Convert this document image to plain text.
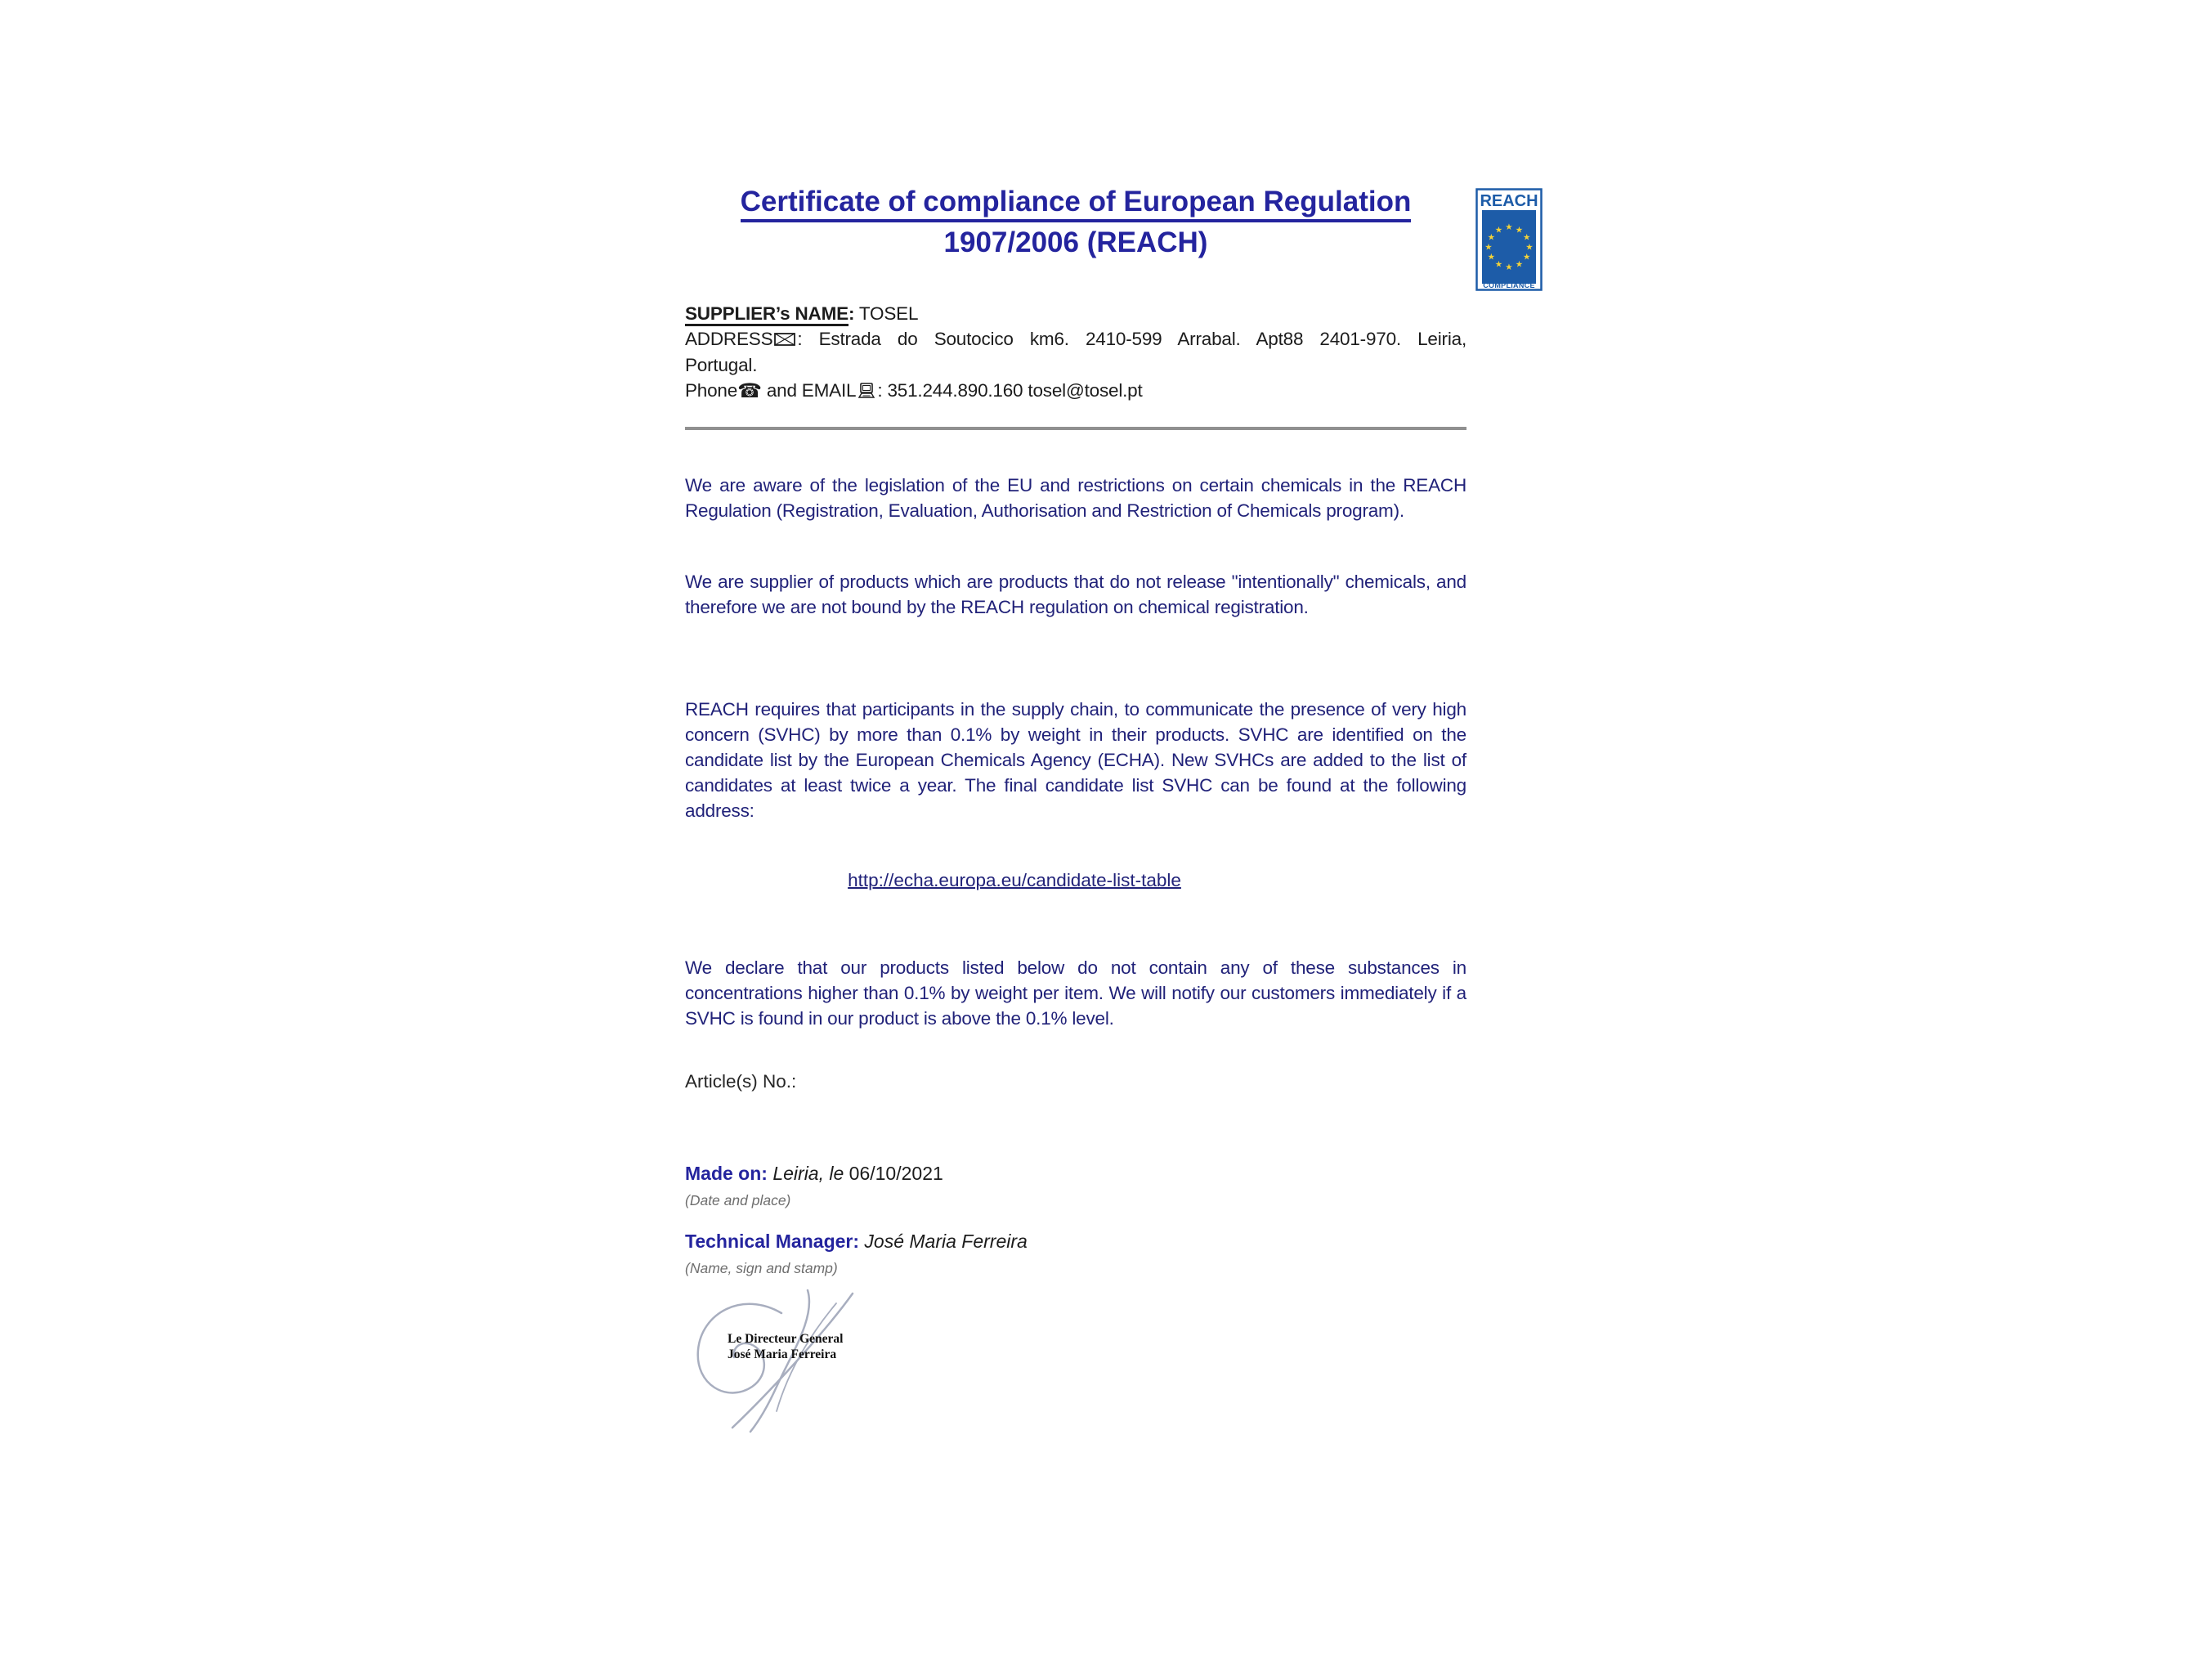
Certificate of compliance of European Regulation
1907/2006 (REACH)
SUPPLIER’s NAME: TOSEL
ADDRESS : Estrada do Soutocico km6. 2410-599 Arrabal. Apt88 2401-970. Leiria, Portugal.
Phone☎ and EMAIL : 351.244.890.160 tosel@tosel.pt

We are aware of the legislation of the EU and restrictions on certain chemicals in the REACH Regulation (Registration, Evaluation, Authorisation and Restriction of Chemicals program).

We are supplier of products which are products that do not release "intentionally" chemicals, and therefore we are not bound by the REACH regulation on chemical registration.

REACH requires that participants in the supply chain, to communicate the presence of very high concern (SVHC) by more than 0.1% by weight in their products. SVHC are identified on the candidate list by the European Chemicals Agency (ECHA). New SVHCs are added to the list of candidates at least twice a year. The final candidate list SVHC can be found at the following address:

http://echa.europa.eu/candidate-list-table

We declare that our products listed below do not contain any of these substances in concentrations higher than 0.1% by weight per item. We will notify our customers immediately if a SVHC is found in our product is above the 0.1% level.

Article(s) No.:
Made on: Leiria, le 06/10/2021
(Date and place)
Technical Manager: José Maria Ferreira
(Name, sign and stamp)
Le Directeur General
José Maria Ferreira
REACH
★ ★
★
★
★
★
★
★
★
★
★
★
COMPLIANCE
